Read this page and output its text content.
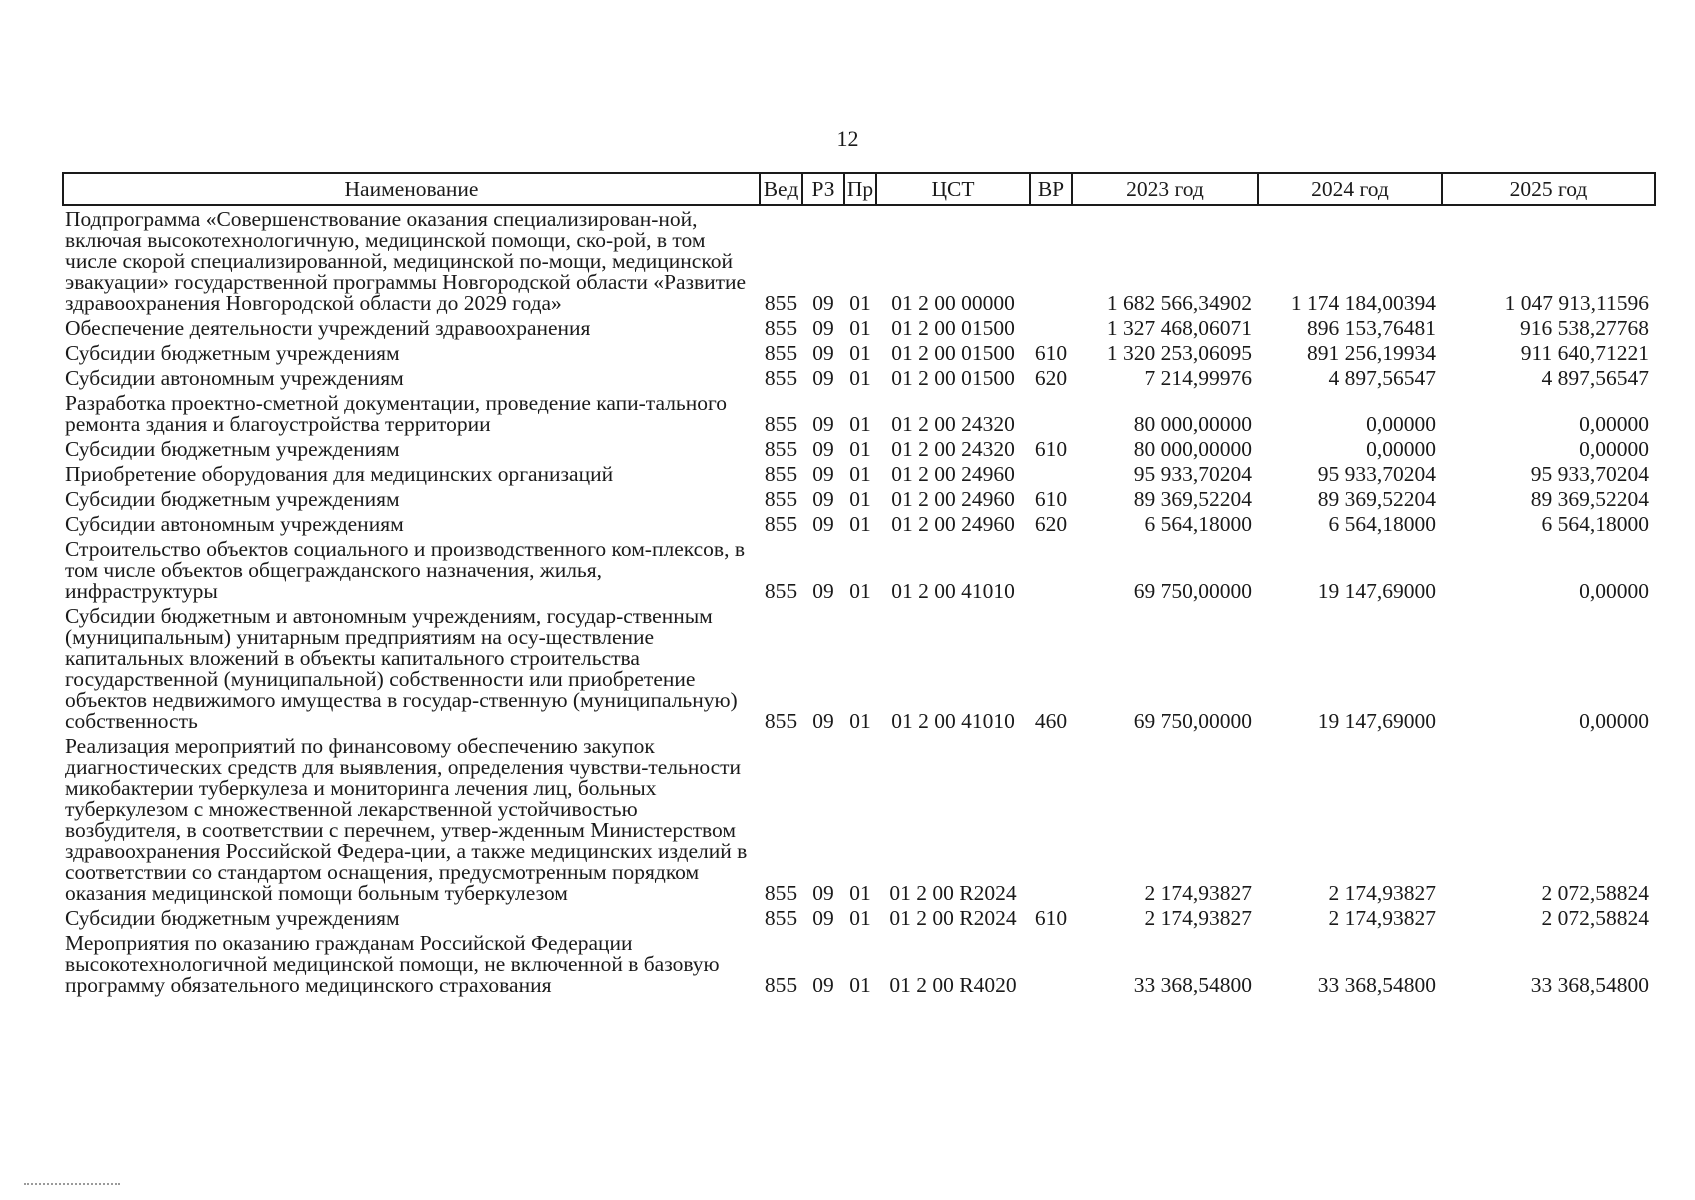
12
Наименование	Вед	РЗ	Пр	ЦСТ	ВР	2023 год	2024 год	2025 год
Подпрограмма «Совершенствование оказания специализирован-ной, включая высокотехнологичную, медицинской помощи, ско-рой, в том числе скорой специализированной, медицинской по-мощи, медицинской эвакуации» государственной программы Новгородской области «Развитие здравоохранения Новгородской области до 2029 года»	855	09	01	01 2 00 00000		1 682 566,34902	1 174 184,00394	1 047 913,11596
Обеспечение деятельности учреждений здравоохранения	855	09	01	01 2 00 01500		1 327 468,06071	896 153,76481	916 538,27768
Субсидии бюджетным учреждениям	855	09	01	01 2 00 01500	610	1 320 253,06095	891 256,19934	911 640,71221
Субсидии автономным учреждениям	855	09	01	01 2 00 01500	620	7 214,99976	4 897,56547	4 897,56547
Разработка проектно-сметной документации, проведение капи-тального ремонта здания и благоустройства территории	855	09	01	01 2 00 24320		80 000,00000	0,00000	0,00000
Субсидии бюджетным учреждениям	855	09	01	01 2 00 24320	610	80 000,00000	0,00000	0,00000
Приобретение оборудования для медицинских организаций	855	09	01	01 2 00 24960		95 933,70204	95 933,70204	95 933,70204
Субсидии бюджетным учреждениям	855	09	01	01 2 00 24960	610	89 369,52204	89 369,52204	89 369,52204
Субсидии автономным учреждениям	855	09	01	01 2 00 24960	620	6 564,18000	6 564,18000	6 564,18000
Строительство объектов социального и производственного ком-плексов, в том числе объектов общегражданского назначения, жилья, инфраструктуры	855	09	01	01 2 00 41010		69 750,00000	19 147,69000	0,00000
Субсидии бюджетным и автономным учреждениям, государ-ственным (муниципальным) унитарным предприятиям на осу-ществление капитальных вложений в объекты капитального строительства государственной (муниципальной) собственности или приобретение объектов недвижимого имущества в государ-ственную (муниципальную) собственность	855	09	01	01 2 00 41010	460	69 750,00000	19 147,69000	0,00000
Реализация мероприятий по финансовому обеспечению закупок диагностических средств для выявления, определения чувстви-тельности микобактерии туберкулеза и мониторинга лечения лиц, больных туберкулезом с множественной лекарственной устойчивостью возбудителя, в соответствии с перечнем, утвер-жденным Министерством здравоохранения Российской Федера-ции, а также медицинских изделий в соответствии со стандартом оснащения, предусмотренным порядком оказания медицинской помощи больным туберкулезом	855	09	01	01 2 00 R2024		2 174,93827	2 174,93827	2 072,58824
Субсидии бюджетным учреждениям	855	09	01	01 2 00 R2024	610	2 174,93827	2 174,93827	2 072,58824
Мероприятия по оказанию гражданам Российской Федерации высокотехнологичной медицинской помощи, не включенной в базовую программу обязательного медицинского страхования	855	09	01	01 2 00 R4020		33 368,54800	33 368,54800	33 368,54800
